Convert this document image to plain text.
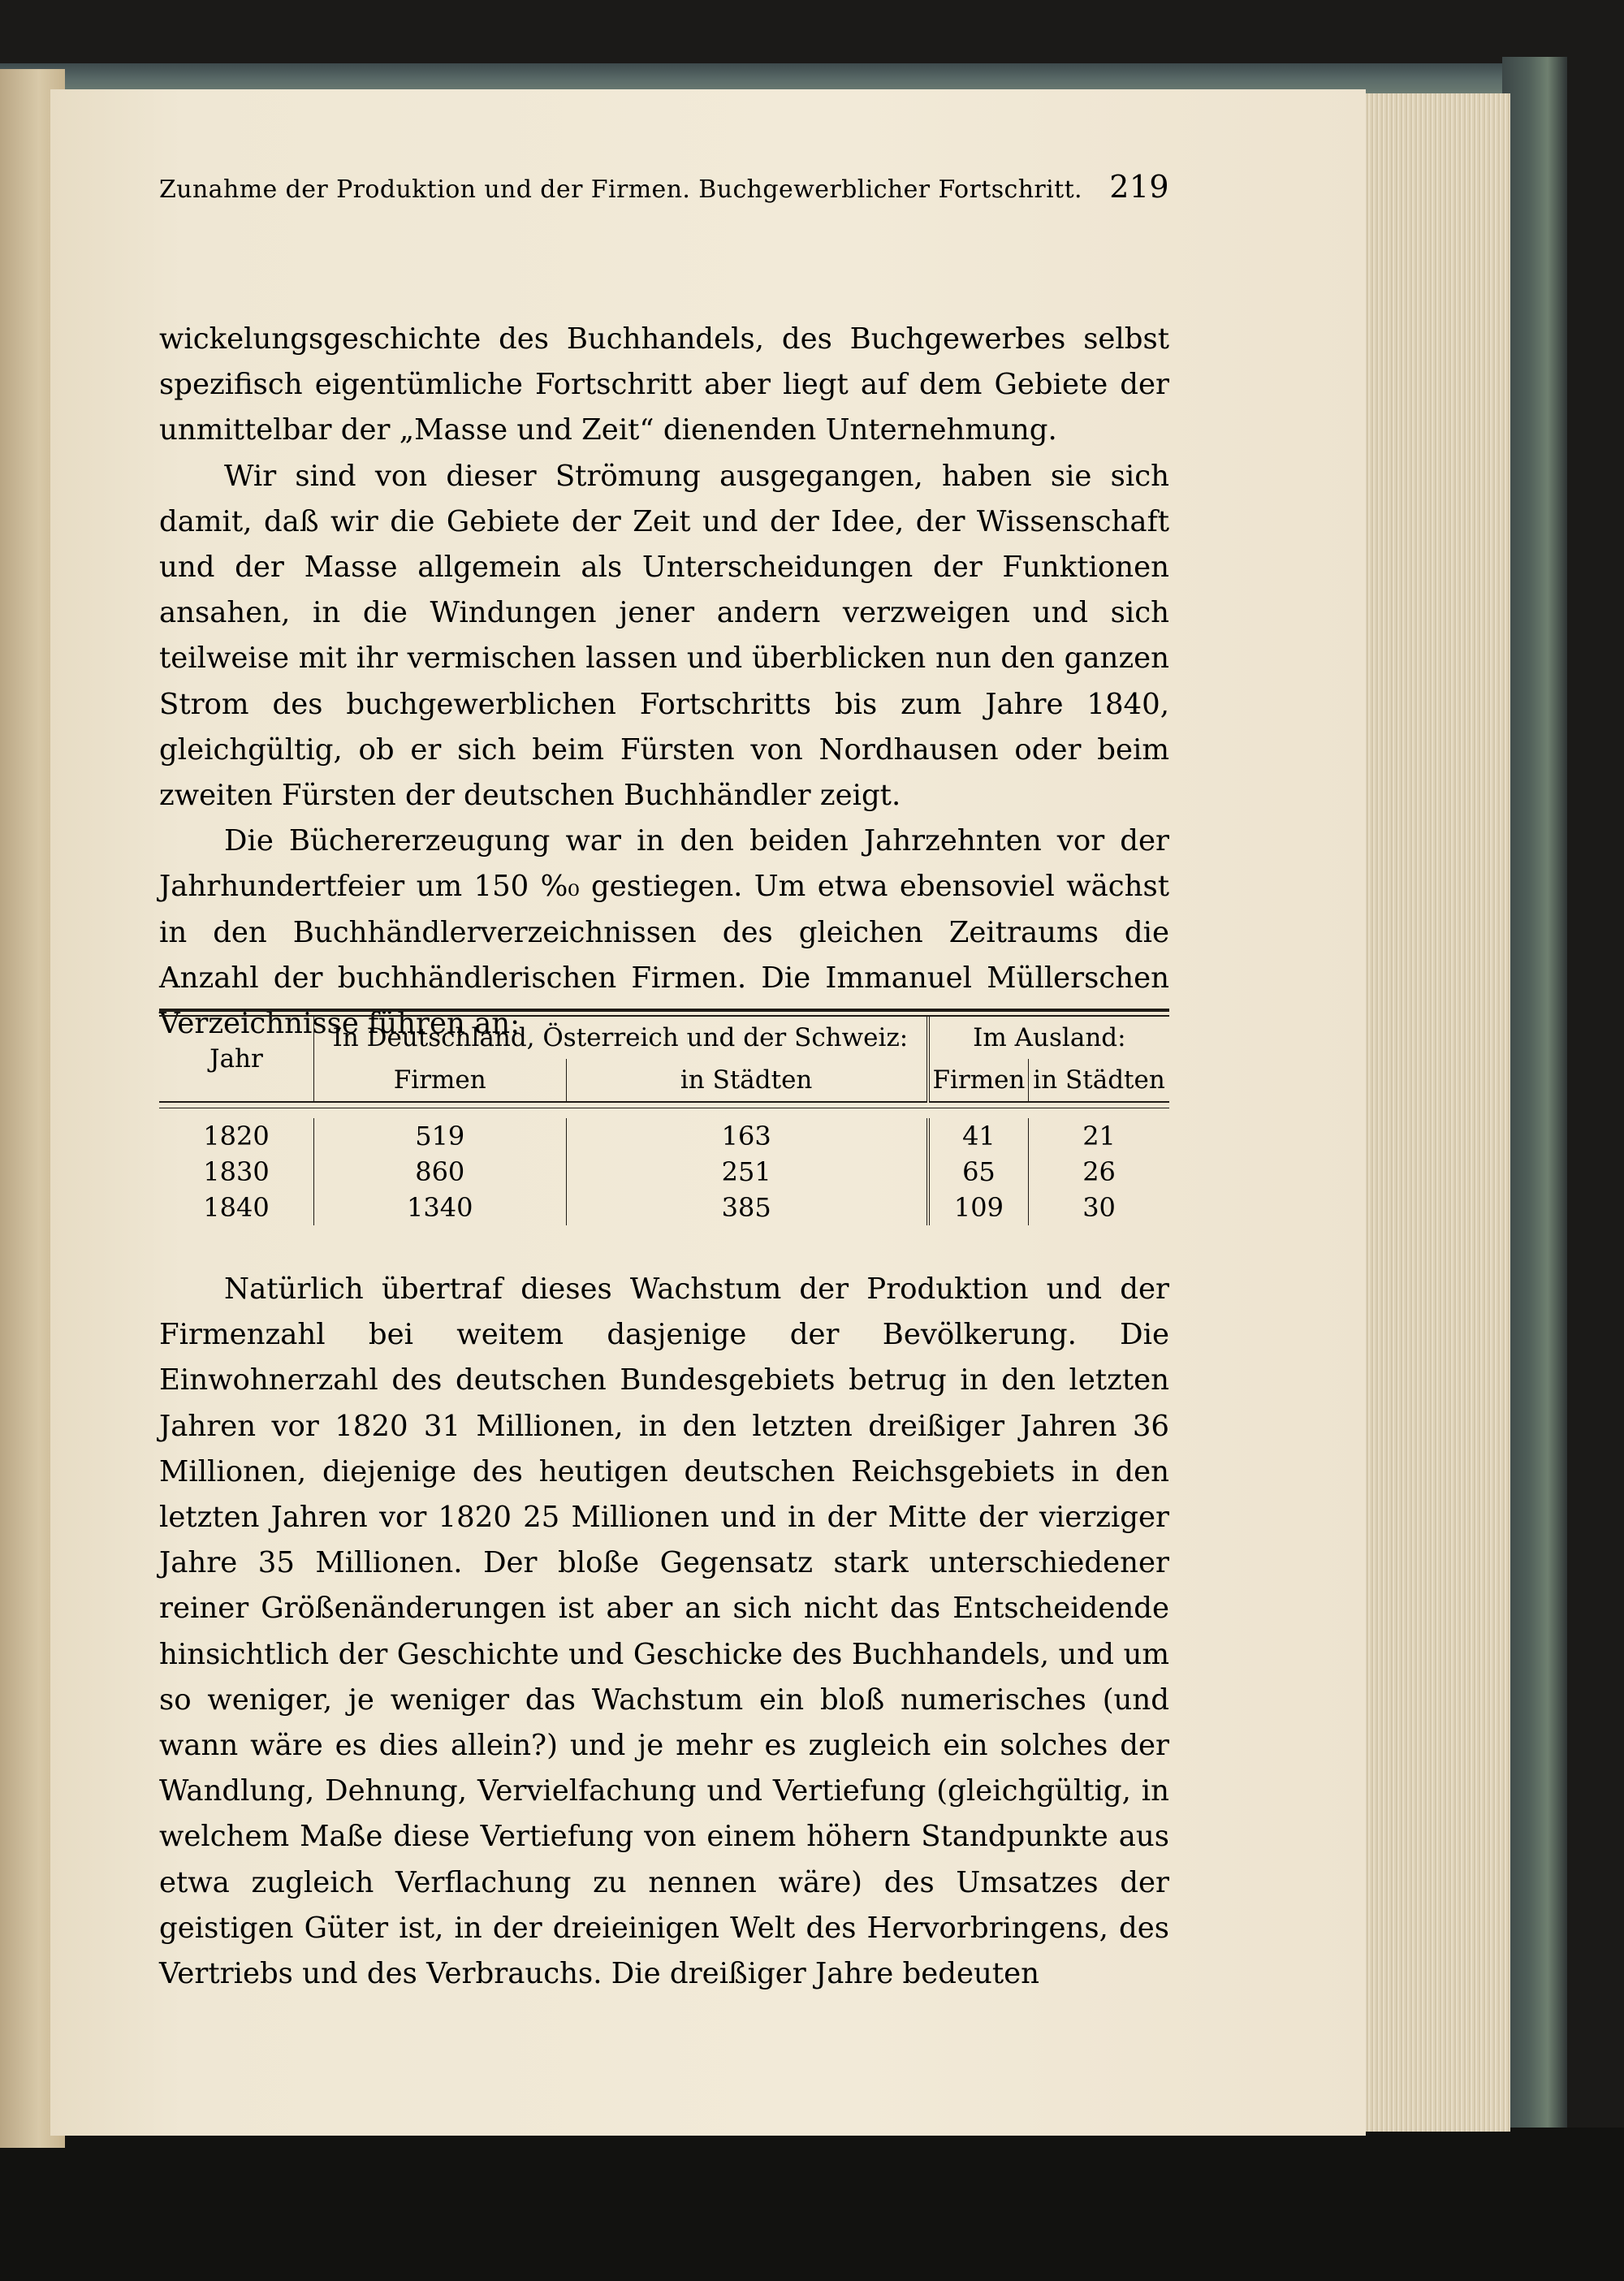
Zunahme der Produktion und der Firmen. Buchgewerblicher Fortschritt. 219

wickelungsgeschichte des Buchhandels, des Buchgewerbes selbst spezifisch eigentümliche Fortschritt aber liegt auf dem Gebiete der unmittelbar der „Masse und Zeit“ dienenden Unternehmung.

Wir sind von dieser Strömung ausgegangen, haben sie sich damit, daß wir die Gebiete der Zeit und der Idee, der Wissenschaft und der Masse allgemein als Unterscheidungen der Funktionen ansahen, in die Windungen jener andern verzweigen und sich teilweise mit ihr vermischen lassen und überblicken nun den ganzen Strom des buchgewerblichen Fortschritts bis zum Jahre 1840, gleichgültig, ob er sich beim Fürsten von Nordhausen oder beim zweiten Fürsten der deutschen Buchhändler zeigt.

Die Büchererzeugung war in den beiden Jahrzehnten vor der Jahrhundertfeier um 150 %₀ gestiegen. Um etwa ebensoviel wächst in den Buchhändlerverzeichnissen des gleichen Zeitraums die Anzahl der buchhändlerischen Firmen. Die Immanuel Müllerschen Verzeichnisse führen an:

Jahr	In Deutschland, Österreich und der Schweiz:		Im Ausland:	
	Firmen	in Städten	Firmen	in Städten

1820	519	163	41	21
1830	860	251	65	26
1840	1340	385	109	30

Natürlich übertraf dieses Wachstum der Produktion und der Firmenzahl bei weitem dasjenige der Bevölkerung. Die Einwohnerzahl des deutschen Bundesgebiets betrug in den letzten Jahren vor 1820 31 Millionen, in den letzten dreißiger Jahren 36 Millionen, diejenige des heutigen deutschen Reichsgebiets in den letzten Jahren vor 1820 25 Millionen und in der Mitte der vierziger Jahre 35 Millionen. Der bloße Gegensatz stark unterschiedener reiner Größenänderungen ist aber an sich nicht das Entscheidende hinsichtlich der Geschichte und Geschicke des Buchhandels, und um so weniger, je weniger das Wachstum ein bloß numerisches (und wann wäre es dies allein?) und je mehr es zugleich ein solches der Wandlung, Dehnung, Vervielfachung und Vertiefung (gleichgültig, in welchem Maße diese Vertiefung von einem höhern Standpunkte aus etwa zugleich Verflachung zu nennen wäre) des Umsatzes der geistigen Güter ist, in der dreieinigen Welt des Hervorbringens, des Vertriebs und des Verbrauchs. Die dreißiger Jahre bedeuten
